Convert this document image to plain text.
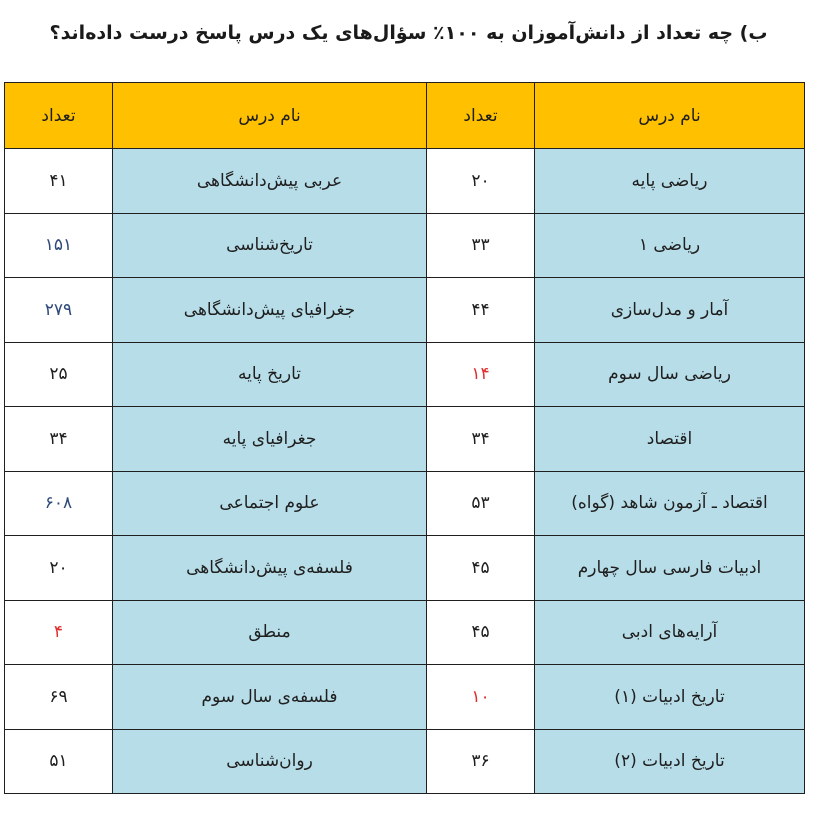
ب) چه تعداد از دانش‌آموزان به ۱۰۰٪ سؤال‌های یک درس پاسخ درست داده‌اند؟
نام درس	تعداد	نام درس	تعداد
ریاضی پایه	۲۰	عربی پیش‌دانشگاهی	۴۱
ریاضی ۱	۳۳	تاریخ‌شناسی	۱۵۱
آمار و مدل‌سازی	۴۴	جغرافیای پیش‌دانشگاهی	۲۷۹
ریاضی سال سوم	۱۴	تاریخ پایه	۲۵
اقتصاد	۳۴	جغرافیای پایه	۳۴
اقتصاد ـ آزمون شاهد (گواه)	۵۳	علوم اجتماعی	۶۰۸
ادبیات فارسی سال چهارم	۴۵	فلسفه‌ی پیش‌دانشگاهی	۲۰
آرایه‌های ادبی	۴۵	منطق	۴
تاریخ ادبیات (۱)	۱۰	فلسفه‌ی سال سوم	۶۹
تاریخ ادبیات (۲)	۳۶	روان‌شناسی	۵۱
